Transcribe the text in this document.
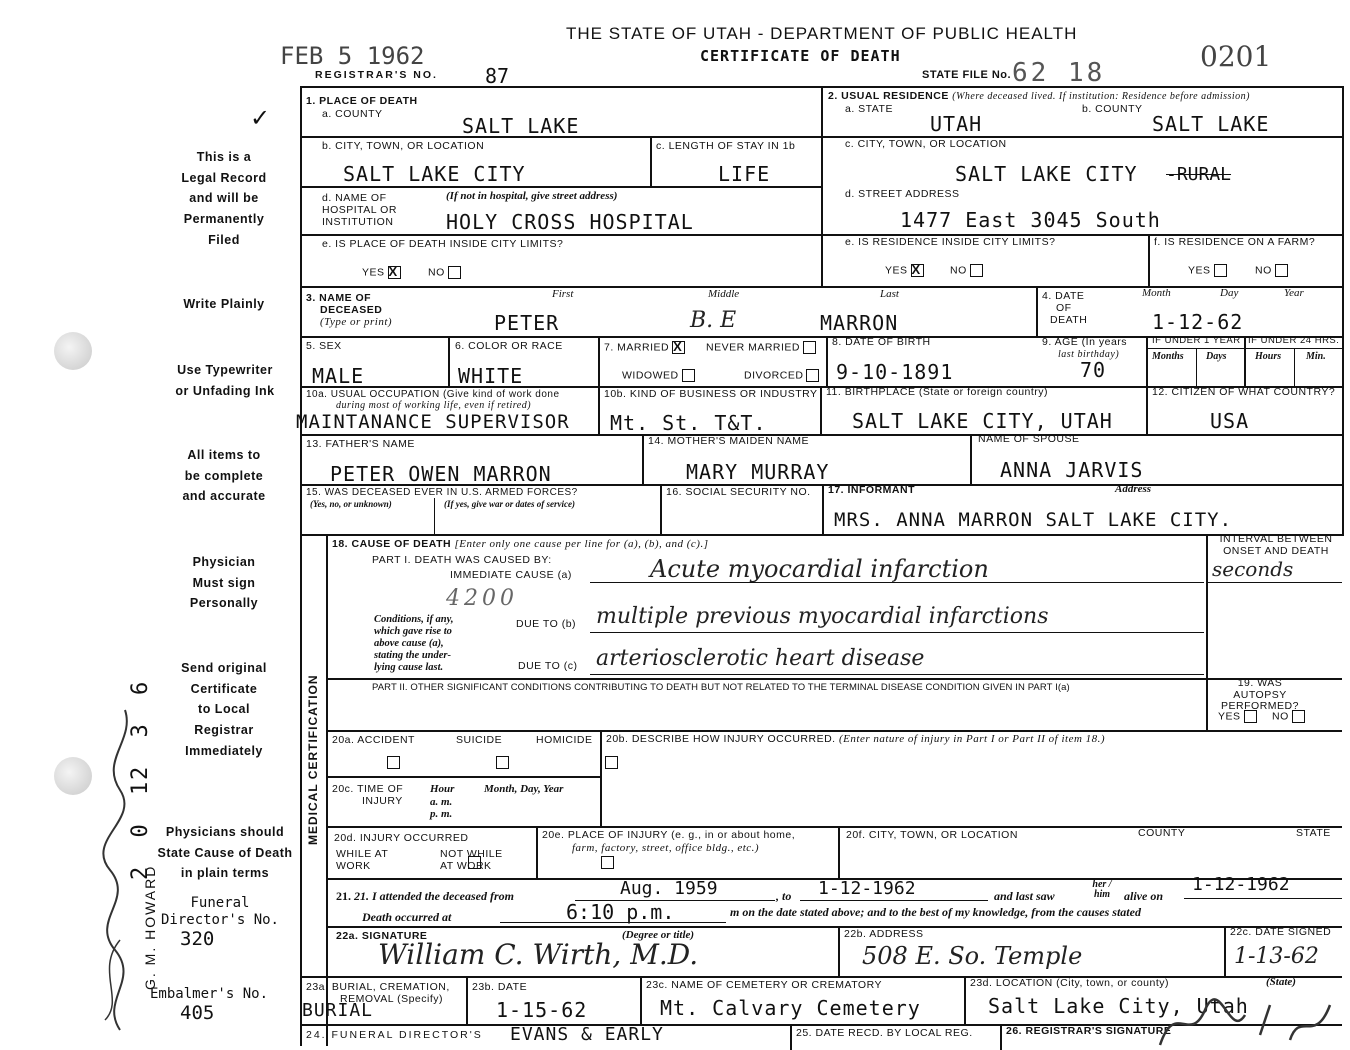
FEB 5 1962
REGISTRAR'S NO. 87
THE STATE OF UTAH - DEPARTMENT OF PUBLIC HEALTH
CERTIFICATE OF DEATH
STATE FILE No. 62 18	0201
✓
This is a
Legal Record
and will be
Permanently
Filed
Write Plainly
Use Typewriter
or Unfading Ink
All items to
be complete
and accurate
Physician
Must sign
Personally
Send original
Certificate
to Local
Registrar
Immediately
Physicians should
State Cause of Death
in plain terms
Funeral
Director's No.
320
Embalmer's No.
405
2 3 6
2 0 1
G. M. HOWARD
1. PLACE OF DEATH
a. COUNTY	SALT LAKE
2. USUAL RESIDENCE (Where deceased lived. If institution: Residence before admission)
a. STATE	b. COUNTY
UTAH	SALT LAKE
b. CITY, TOWN, OR LOCATION
SALT LAKE CITY
c. LENGTH OF STAY IN 1b
LIFE
c. CITY, TOWN, OR LOCATION
SALT LAKE CITY -RURAL
d. NAME OF
HOSPITAL OR
INSTITUTION
(If not in hospital, give street address)
HOLY CROSS HOSPITAL
d. STREET ADDRESS
1477 East 3045 South
e. IS PLACE OF DEATH INSIDE CITY LIMITS?
YES X	NO
e. IS RESIDENCE INSIDE CITY LIMITS?
YES X	NO
f. IS RESIDENCE ON A FARM?
YES	NO
3. NAME OF
DECEASED
(Type or print)
First	Middle	Last
PETER	B. E	MARRON
4. DATE
OF
DEATH
Month	Day	Year
1-12-62
5. SEX
MALE
6. COLOR OR RACE
WHITE
7. MARRIED X	NEVER MARRIED
WIDOWED	DIVORCED
8. DATE OF BIRTH
9-10-1891
9. AGE (In years
last birthday)
70
IF UNDER 1 YEAR IF UNDER 24 HRS.
Months Days	Hours Min.
10a. USUAL OCCUPATION (Give kind of work done
during most of working life, even if retired)
MAINTANANCE SUPERVISOR
10b. KIND OF BUSINESS OR INDUSTRY
Mt. St. T&T.
11. BIRTHPLACE (State or foreign country)
SALT LAKE CITY, UTAH
12. CITIZEN OF WHAT COUNTRY?
USA
13. FATHER'S NAME
PETER OWEN MARRON
14. MOTHER'S MAIDEN NAME
MARY MURRAY
NAME OF SPOUSE
ANNA JARVIS
15. WAS DECEASED EVER IN U.S. ARMED FORCES?
(Yes, no, or unknown)	(If yes, give war or dates of service)
16. SOCIAL SECURITY NO. 17. INFORMANT	Address
MRS. ANNA MARRON SALT LAKE CITY.
MEDICAL CERTIFICATION
18. CAUSE OF DEATH [Enter only one cause per line for (a), (b), and (c).]
PART I. DEATH WAS CAUSED BY:
IMMEDIATE CAUSE (a)	Acute myocardial infarction
INTERVAL BETWEEN
ONSET AND DEATH
seconds
4200
Conditions, if any,
which gave rise to
above cause (a),
stating the under-
lying cause last.
DUE TO (b) multiple previous myocardial infarctions
DUE TO (c) arteriosclerotic heart disease
PART II. OTHER SIGNIFICANT CONDITIONS CONTRIBUTING TO DEATH BUT NOT RELATED TO THE TERMINAL DISEASE CONDITION GIVEN IN PART I(a)	19. WAS AUTOPSY
PERFORMED?
YES	NO
20a. ACCIDENT	SUICIDE	HOMICIDE
20b. DESCRIBE HOW INJURY OCCURRED. (Enter nature of injury in Part I or Part II of item 18.)
20c. TIME OF
INJURY
Hour
a. m.
p. m.
Month, Day, Year
20d. INJURY OCCURRED
WHILE AT
WORK

NOT WHILE
AT WORK
20e. PLACE OF INJURY (e. g., in or about home,
farm, factory, street, office bldg., etc.)
20f. CITY, TOWN, OR LOCATION	COUNTY	STATE
21. 21. I attended the deceased from	Aug. 1959	, to 1-12-1962	and last saw
her / him	alive on
1-12-1962
Death occurred at	6:10 p.m.	m on the date stated above; and to the best of my knowledge, from the causes stated
22a. SIGNATURE	(Degree or title)
William C. Wirth, M.D.
22b. ADDRESS
508 E. So. Temple
22c. DATE SIGNED
1-13-62
23a. BURIAL, CREMATION,
REMOVAL (Specify)
BURIAL
23b. DATE
1-15-62
23c. NAME OF CEMETERY OR CREMATORY
Mt. Calvary Cemetery
23d. LOCATION (City, town, or county)	(State)
Salt Lake City, Utah
24. FUNERAL DIRECTOR'S EVANS & EARLY	25. DATE RECD. BY LOCAL REG.	26. REGISTRAR'S SIGNATURE
